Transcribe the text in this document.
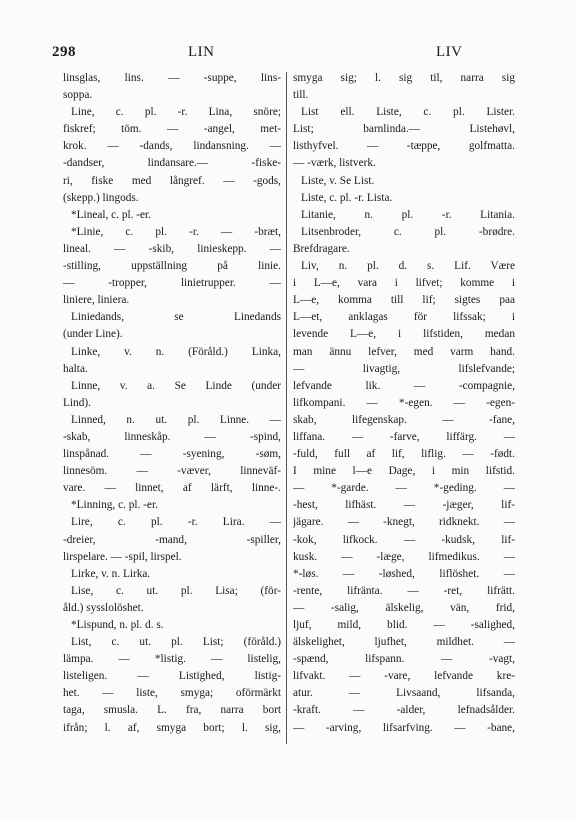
298	LIN	LIV
linsglas, lins. — -suppe, lins-
soppa.
Line, c. pl. -r. Lina, snöre;
fiskref; töm. — -angel, met-
krok. — -dands, lindansning. —
-dandser, lindansare.— -fiske-
ri, fiske med långref. — -gods,
(skepp.) lingods.
*Lineal, c. pl. -er.
*Linie, c. pl. -r. — -bræt,
lineal. — -skib, linieskepp. —
-stilling, uppställning på linie.
— -tropper, linietrupper. —
liniere, liniera.
Liniedands, se Linedands
(under Line).
Linke, v. n. (Föråld.) Linka,
halta.
Linne, v. a. Se Linde (under
Lind).
Linned, n. ut. pl. Linne. —
-skab, linneskåp. — -spind,
linspånad. — -syening, -søm,
linnesöm. — -væver, linneväf-
vare. — linnet, af lärft, linne-.
*Linning, c. pl. -er.
Lire, c. pl. -r. Lira. —
-dreier, -mand, -spiller,
lirspelare. — -spil, lirspel.
Lirke, v. n. Lirka.
Lise, c. ut. pl. Lisa; (för-
åld.) sysslolöshet.
*Lispund, n. pl. d. s.
List, c. ut. pl. List; (föråld.)
lämpa. — *listig. — listelig,
listeligen. — Listighed, listig-
het. — liste, smyga; oförmärkt
taga, smusla. L. fra, narra bort
ifrån; l. af, smyga bort; l. sig,
smyga sig; l. sig til, narra sig
till.
List ell. Liste, c. pl. Lister.
List; barnlinda.— Listehøvl,
listhyfvel. — -tæppe, golfmatta.
— -værk, listverk.
Liste, v. Se List.
Liste, c. pl. -r. Lista.
Litanie, n. pl. -r. Litania.
Litsenbroder, c. pl. -brødre.
Brefdragare.
Liv, n. pl. d. s. Lif. Være
i L—e, vara i lifvet; komme i
L—e, komma till lif; sigtes paa
L—et, anklagas för lifssak; i
levende L—e, i lifstiden, medan
man ännu lefver, med varm hand.
— livagtig, lifslefvande;
lefvande lik. — -compagnie,
lifkompani. — *-egen. — -egen-
skab, lifegenskap. — -fane,
liffana. — -farve, liffärg. —
-fuld, full af lif, liflig. — -født.
I mine l—e Dage, i min lifstid.
— *-garde. — *-geding. —
-hest, lifhäst. — -jæger, lif-
jägare. — -knegt, ridknekt. —
-kok, lifkock. — -kudsk, lif-
kusk. — -læge, lifmedikus. —
*-løs. — -løshed, liflöshet. —
-rente, lifränta. — -ret, lifrätt.
— -salig, älskelig, vän, frid,
ljuf, mild, blid. — -salighed,
älskelighet, ljufhet, mildhet. —
-spænd, lifspann. — -vagt,
lifvakt. — -vare, lefvande kre-
atur. — Livsaand, lifsanda,
-kraft. — -alder, lefnadsålder.
— -arving, lifsarfving. — -bane,
